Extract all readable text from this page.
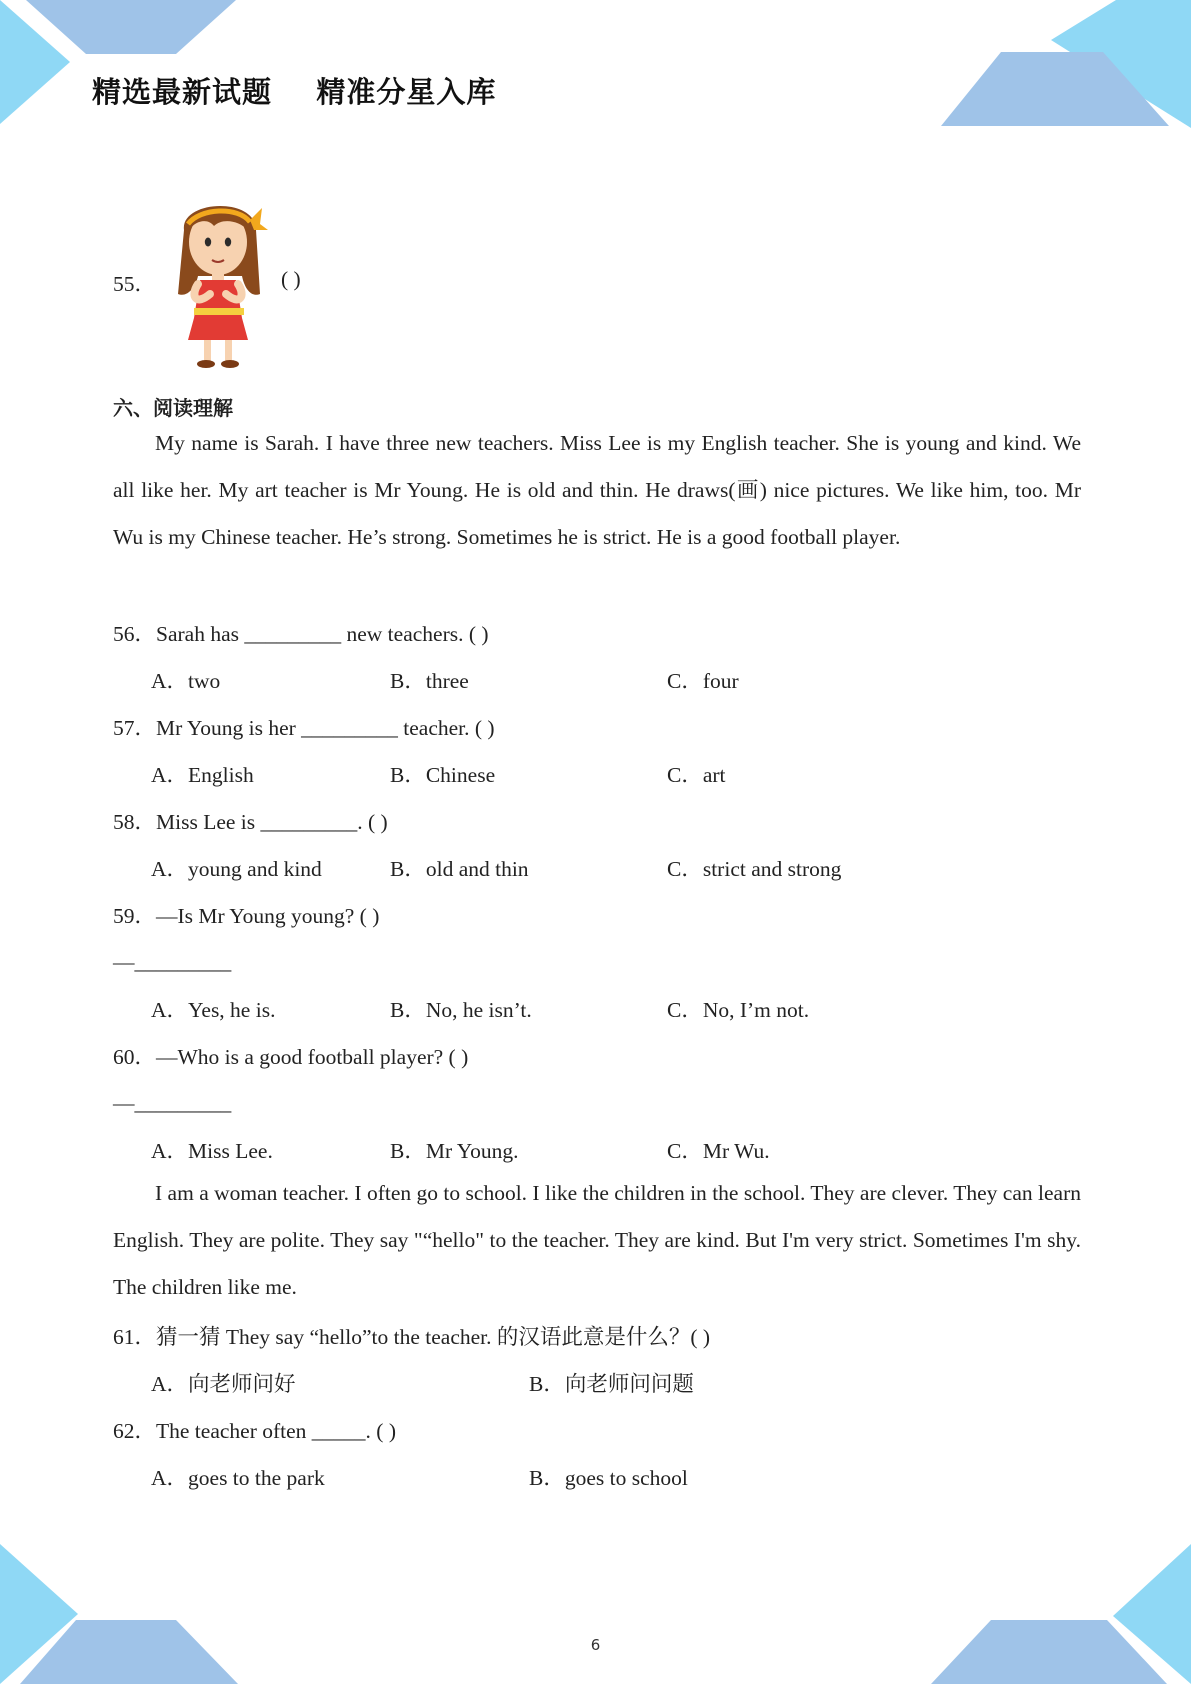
精选最新试题    精准分星入库
55．	( )
六、阅读理解
My name is Sarah. I have three new teachers. Miss Lee is my English teacher. She is young and kind. We all like her. My art teacher is Mr Young. He is old and thin. He draws(画) nice pictures. We like him, too. Mr Wu is my Chinese teacher. He’s strong. Sometimes he is strict. He is a good football player.
56．Sarah has _________ new teachers. ( )
A．two	B．three	C．four
57．Mr Young is her _________ teacher. ( )
A．English	B．Chinese	C．art
58．Miss Lee is _________. ( )
A．young and kind	B．old and thin	C．strict and strong
59．—Is Mr Young young? ( )
—_________
A．Yes, he is.	B．No, he isn’t.	C．No, I’m not.
60．—Who is a good football player? ( )
—_________
A．Miss Lee.	B．Mr Young.	C．Mr Wu.
I am a woman teacher. I often go to school. I like the children in the school. They are clever. They can learn English. They are polite. They say "“hello" to the teacher. They are kind. But I'm very strict. Sometimes I'm shy. The children like me.
61．猜一猜 They say “hello”to the teacher. 的汉语此意是什么？( )
A．向老师问好	B．向老师问问题
62．The teacher often _____. ( )
A．goes to the park	B．goes to school
6
